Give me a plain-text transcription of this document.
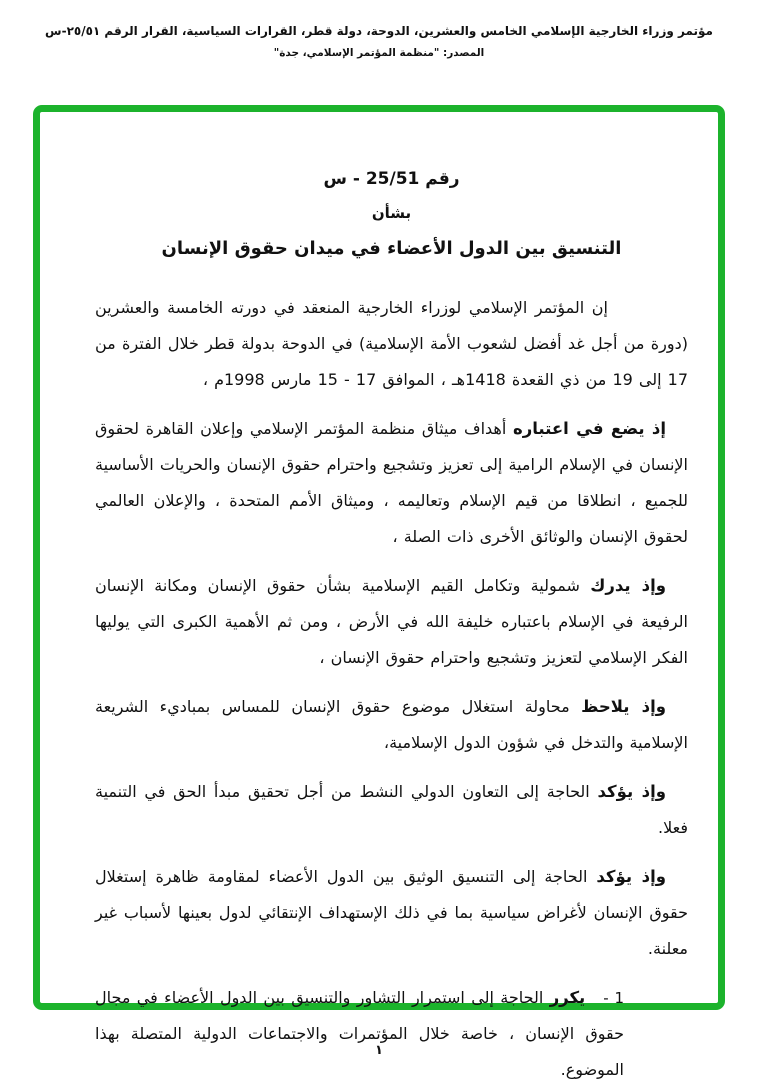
مؤتمر وزراء الخارجية الإسلامي الخامس والعشرين، الدوحة، دولة قطر، القرارات السياسية، القرار الرقم ٢٥/٥١-س
المصدر: "منظمة المؤتمر الإسلامي، جدة"
رقم 25/51 - س
بشأن
التنسيق بين الدول الأعضاء في ميدان حقوق الإنسان

إن المؤتمر الإسلامي لوزراء الخارجية المنعقد في دورته الخامسة والعشرين (دورة من أجل غد أفضل لشعوب الأمة الإسلامية) في الدوحة بدولة قطر خلال الفترة من 17 إلى 19 من ذي القعدة 1418هـ ، الموافق ‎15 - 17‎ مارس 1998م ،

إذ يضع في اعتباره أهداف ميثاق منظمة المؤتمر الإسلامي وإعلان القاهرة لحقوق الإنسان في الإسلام الرامية إلى تعزيز وتشجيع واحترام حقوق الإنسان والحريات الأساسية للجميع ، انطلاقا من قيم الإسلام وتعاليمه ، وميثاق الأمم المتحدة ، والإعلان العالمي لحقوق الإنسان والوثائق الأخرى ذات الصلة ،

وإذ يدرك شمولية وتكامل القيم الإسلامية بشأن حقوق الإنسان ومكانة الإنسان الرفيعة في الإسلام باعتباره خليفة الله في الأرض ، ومن ثم الأهمية الكبرى التي يوليها الفكر الإسلامي لتعزيز وتشجيع واحترام حقوق الإنسان ،

وإذ يلاحظ محاولة استغلال موضوع حقوق الإنسان للمساس بمباديء الشريعة الإسلامية والتدخل في شؤون الدول الإسلامية،

وإذ يؤكد الحاجة إلى التعاون الدولي النشط من أجل تحقيق مبدأ الحق في التنمية فعلا.

وإذ يؤكد الحاجة إلى التنسيق الوثيق بين الدول الأعضاء لمقاومة ظاهرة إستغلال حقوق الإنسان لأغراض سياسية بما في ذلك الإستهداف الإنتقائي لدول بعينها لأسباب غير معلنة.

1 -يكرر الحاجة إلى استمرار التشاور والتنسيق بين الدول الأعضاء في مجال حقوق الإنسان ، خاصة خلال المؤتمرات والاجتماعات الدولية المتصلة بهذا الموضوع.

١
